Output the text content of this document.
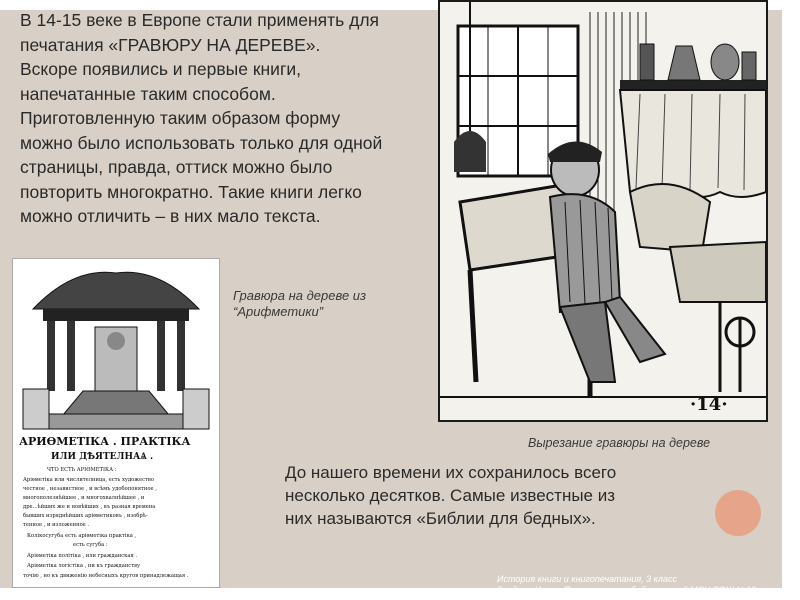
В 14-15 веке в Европе стали применять для
печатания «ГРАВЮРУ НА ДЕРЕВЕ».
Вскоре появились и первые книги,
напечатанные таким способом.
Приготовленную таким образом форму
можно было использовать только для одной
страницы, правда, оттиск можно было
повторить многократно. Такие книги легко
можно отличить – в них мало текста.
·14·
АРИѲМЕТІКА . ПРАКТІКА
ИЛИ ДѢЯТЕЛНАѦ .
ЧТО ЕСТЬ АРІѲМЕТІКА :
Аріѳметіка или числителница, есть художество
честное , независтное , и всѣмъ удобопонятное ,
многополезнѣйшее , и многохвалнѣйшее , и
дре...ѣйших же и новѣйших , въ разная времена
бывших изряднѣйших аріѳметиковъ , изобрѣ-
тенное , и изложенное .
Колікосугуба есть аріѳметіка практіка ,
есть сугуба :
Аріѳметіка політіка , или гражданская .
Аріѳметіка логістіка , ни къ гражданству
точію , но къ движенію небесныхъ кругов принадлежащая .
Гравюра на дереве из
“Арифметики”
Вырезание гравюры на дереве
До нашего времени их сохранилось всего
несколько десятков. Самые известные из
них называются «Библии для бедных».
История книги и книгопечатания, 3 класс
